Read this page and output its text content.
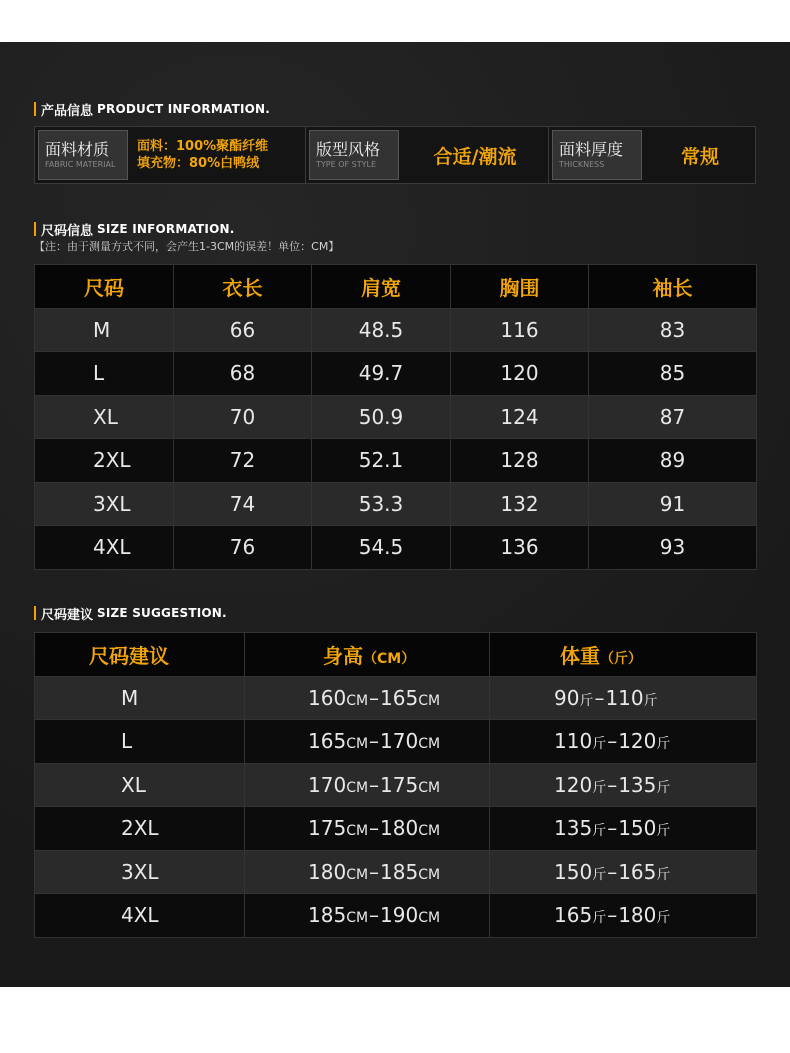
产品信息 PRODUCT INFORMATION.
面料材质
FABRIC MATERIAL
面料：100%聚酯纤维
填充物：80%白鸭绒
版型风格
TYPE OF STYLE	合适/潮流	面料厚度
THICKNESS	常规
尺码信息 SIZE INFORMATION.
【注：由于测量方式不同，会产生1-3CM的误差！单位：CM】
尺码	衣长	肩宽	胸围	袖长
M	66	48.5	116	83
L	68	49.7	120	85
XL	70	50.9	124	87
2XL	72	52.1	128	89
3XL	74	53.3	132	91
4XL	76	54.5	136	93
尺码建议 SIZE SUGGESTION.
尺码建议	身高（CM）	体重（斤）
M	160CM–165CM	90斤–110斤
L	165CM–170CM	110斤–120斤
XL	170CM–175CM	120斤–135斤
2XL	175CM–180CM	135斤–150斤
3XL	180CM–185CM	150斤–165斤
4XL	185CM–190CM	165斤–180斤
